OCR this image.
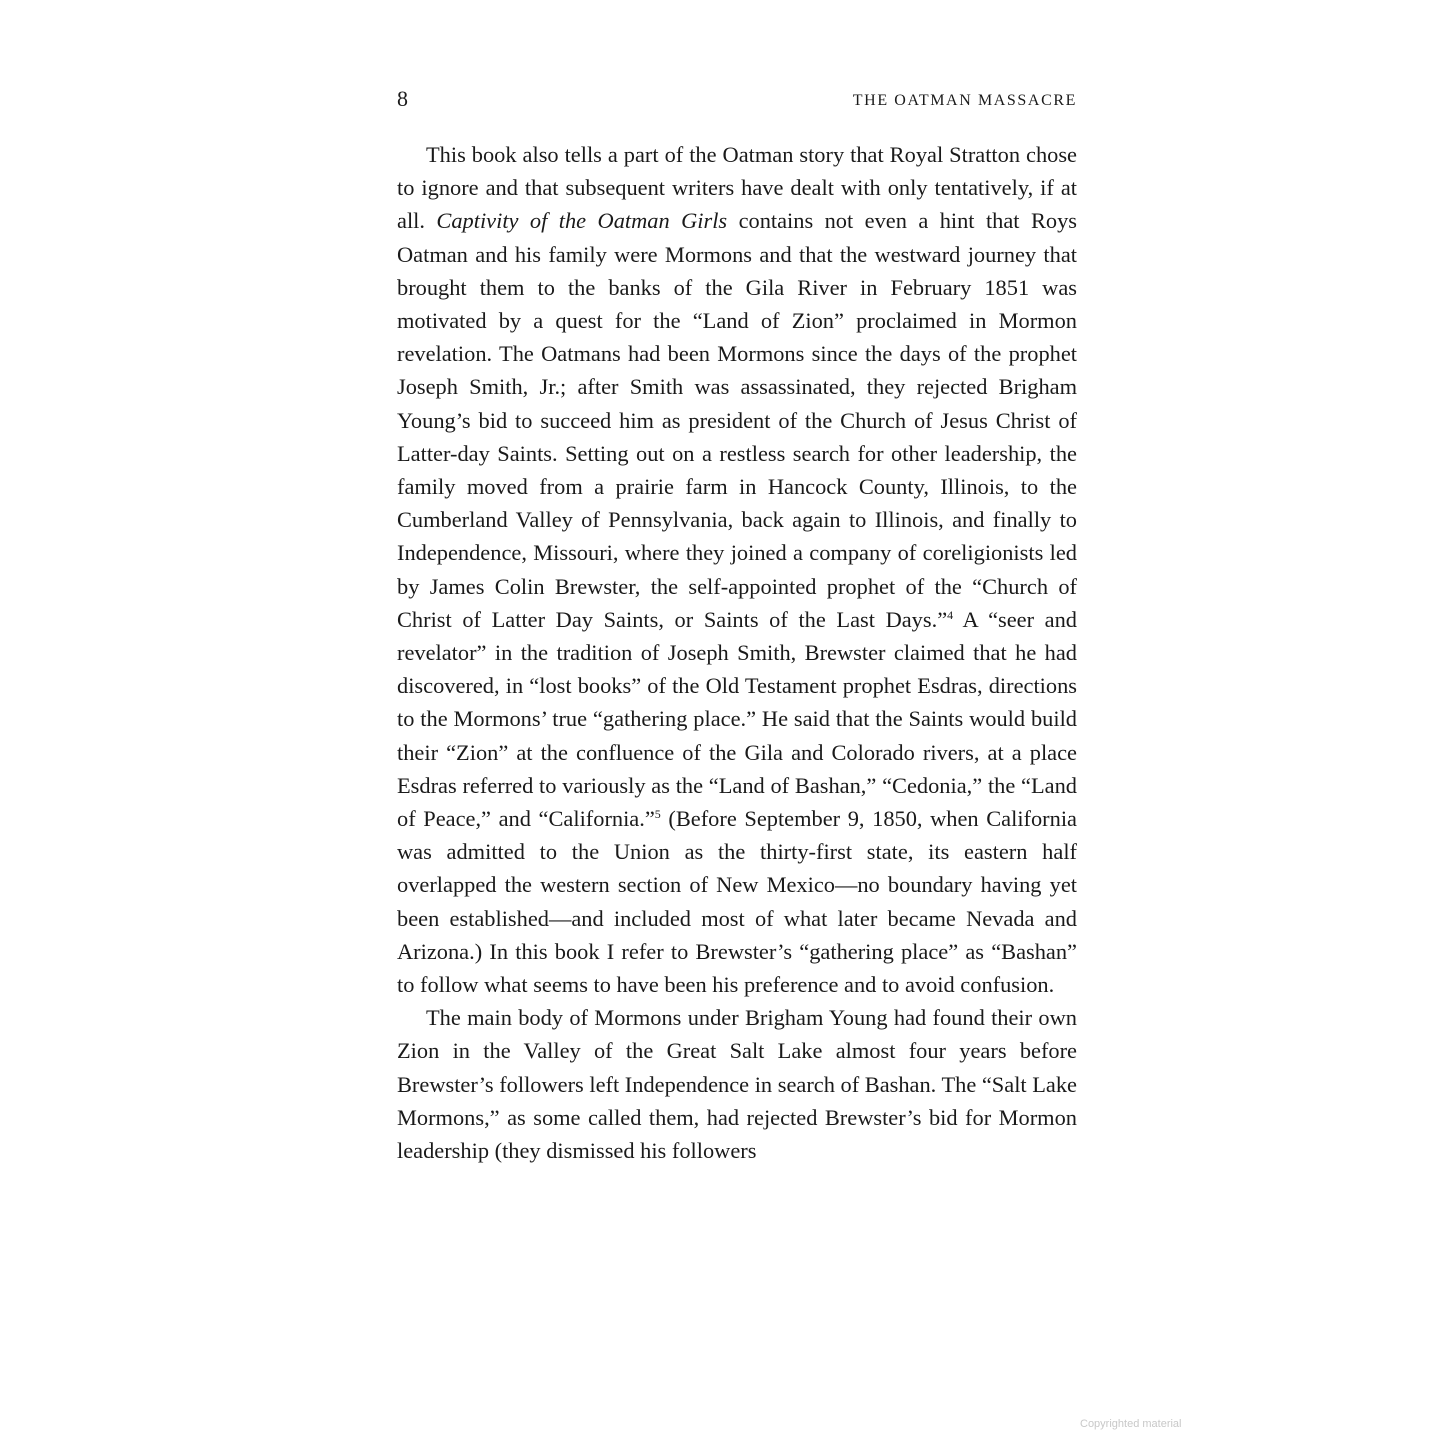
8	THE OATMAN MASSACRE

This book also tells a part of the Oatman story that Royal Stratton chose to ignore and that subsequent writers have dealt with only tentatively, if at all. Captivity of the Oatman Girls contains not even a hint that Roys Oatman and his family were Mormons and that the westward journey that brought them to the banks of the Gila River in February 1851 was motivated by a quest for the “Land of Zion” proclaimed in Mormon revelation. The Oatmans had been Mormons since the days of the prophet Joseph Smith, Jr.; after Smith was assassinated, they rejected Brigham Young’s bid to succeed him as president of the Church of Jesus Christ of Latter-day Saints. Setting out on a restless search for other leadership, the family moved from a prairie farm in Hancock County, Illinois, to the Cumberland Valley of Pennsylvania, back again to Illinois, and finally to Independence, Missouri, where they joined a company of coreligionists led by James Colin Brewster, the self-appointed prophet of the “Church of Christ of Latter Day Saints, or Saints of the Last Days.”$^4$ A “seer and revelator” in the tradition of Joseph Smith, Brewster claimed that he had discovered, in “lost books” of the Old Testament prophet Esdras, directions to the Mormons’ true “gathering place.” He said that the Saints would build their “Zion” at the confluence of the Gila and Colorado rivers, at a place Esdras referred to variously as the “Land of Bashan,” “Cedonia,” the “Land of Peace,” and “California.”$^5$ (Before September 9, 1850, when California was admitted to the Union as the thirty-first state, its eastern half overlapped the western section of New Mexico—no boundary having yet been established—and included most of what later became Nevada and Arizona.) In this book I refer to Brewster’s “gathering place” as “Bashan” to follow what seems to have been his preference and to avoid confusion.

The main body of Mormons under Brigham Young had found their own Zion in the Valley of the Great Salt Lake almost four years before Brewster’s followers left Independence in search of Bashan. The “Salt Lake Mormons,” as some called them, had rejected Brewster’s bid for Mormon leadership (they dismissed his followers

Copyrighted material
